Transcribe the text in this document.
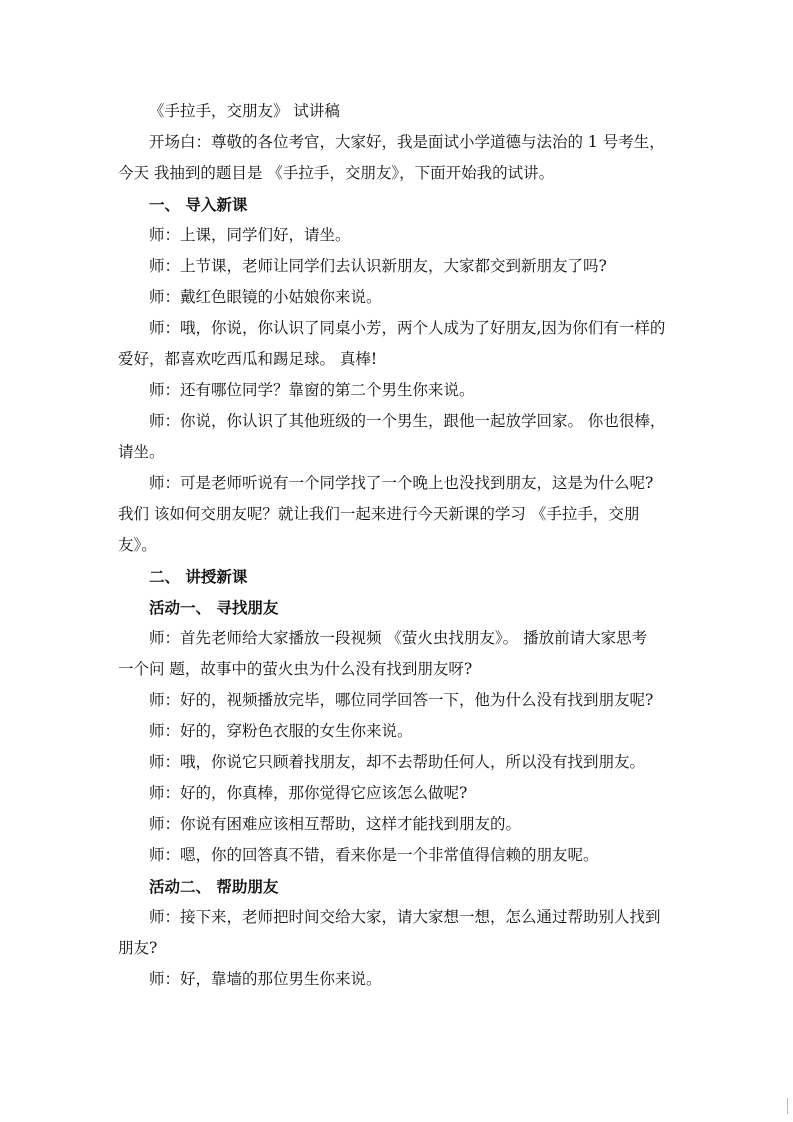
《手拉手，交朋友》 试讲稿
开场白：尊敬的各位考官，大家好，我是面试小学道德与法治的 1 号考生，
今天 我抽到的题目是 《手拉手，交朋友》，下面开始我的试讲。
一、 导入新课
师：上课，同学们好，请坐。
师：上节课，老师让同学们去认识新朋友，大家都交到新朋友了吗?
师：戴红色眼镜的小姑娘你来说。
师：哦，你说，你认识了同桌小芳，两个人成为了好朋友,因为你们有一样的
爱好，都喜欢吃西瓜和踢足球。 真棒!
师：还有哪位同学？靠窗的第二个男生你来说。
师：你说，你认识了其他班级的一个男生，跟他一起放学回家。 你也很棒，
请坐。
师：可是老师听说有一个同学找了一个晚上也没找到朋友，这是为什么呢?
我们 该如何交朋友呢？就让我们一起来进行今天新课的学习 《手拉手，交朋
友》。
二、 讲授新课
活动一、 寻找朋友
师：首先老师给大家播放一段视频 《萤火虫找朋友》。 播放前请大家思考
一个问 题，故事中的萤火虫为什么没有找到朋友呀?
师：好的，视频播放完毕，哪位同学回答一下，他为什么没有找到朋友呢?
师：好的，穿粉色衣服的女生你来说。
师：哦，你说它只顾着找朋友，却不去帮助任何人，所以没有找到朋友。
师：好的，你真棒，那你觉得它应该怎么做呢?
师：你说有困难应该相互帮助，这样才能找到朋友的。
师：嗯，你的回答真不错，看来你是一个非常值得信赖的朋友呢。
活动二、 帮助朋友
师：接下来，老师把时间交给大家，请大家想一想，怎么通过帮助别人找到
朋友?
师：好，靠墙的那位男生你来说。
